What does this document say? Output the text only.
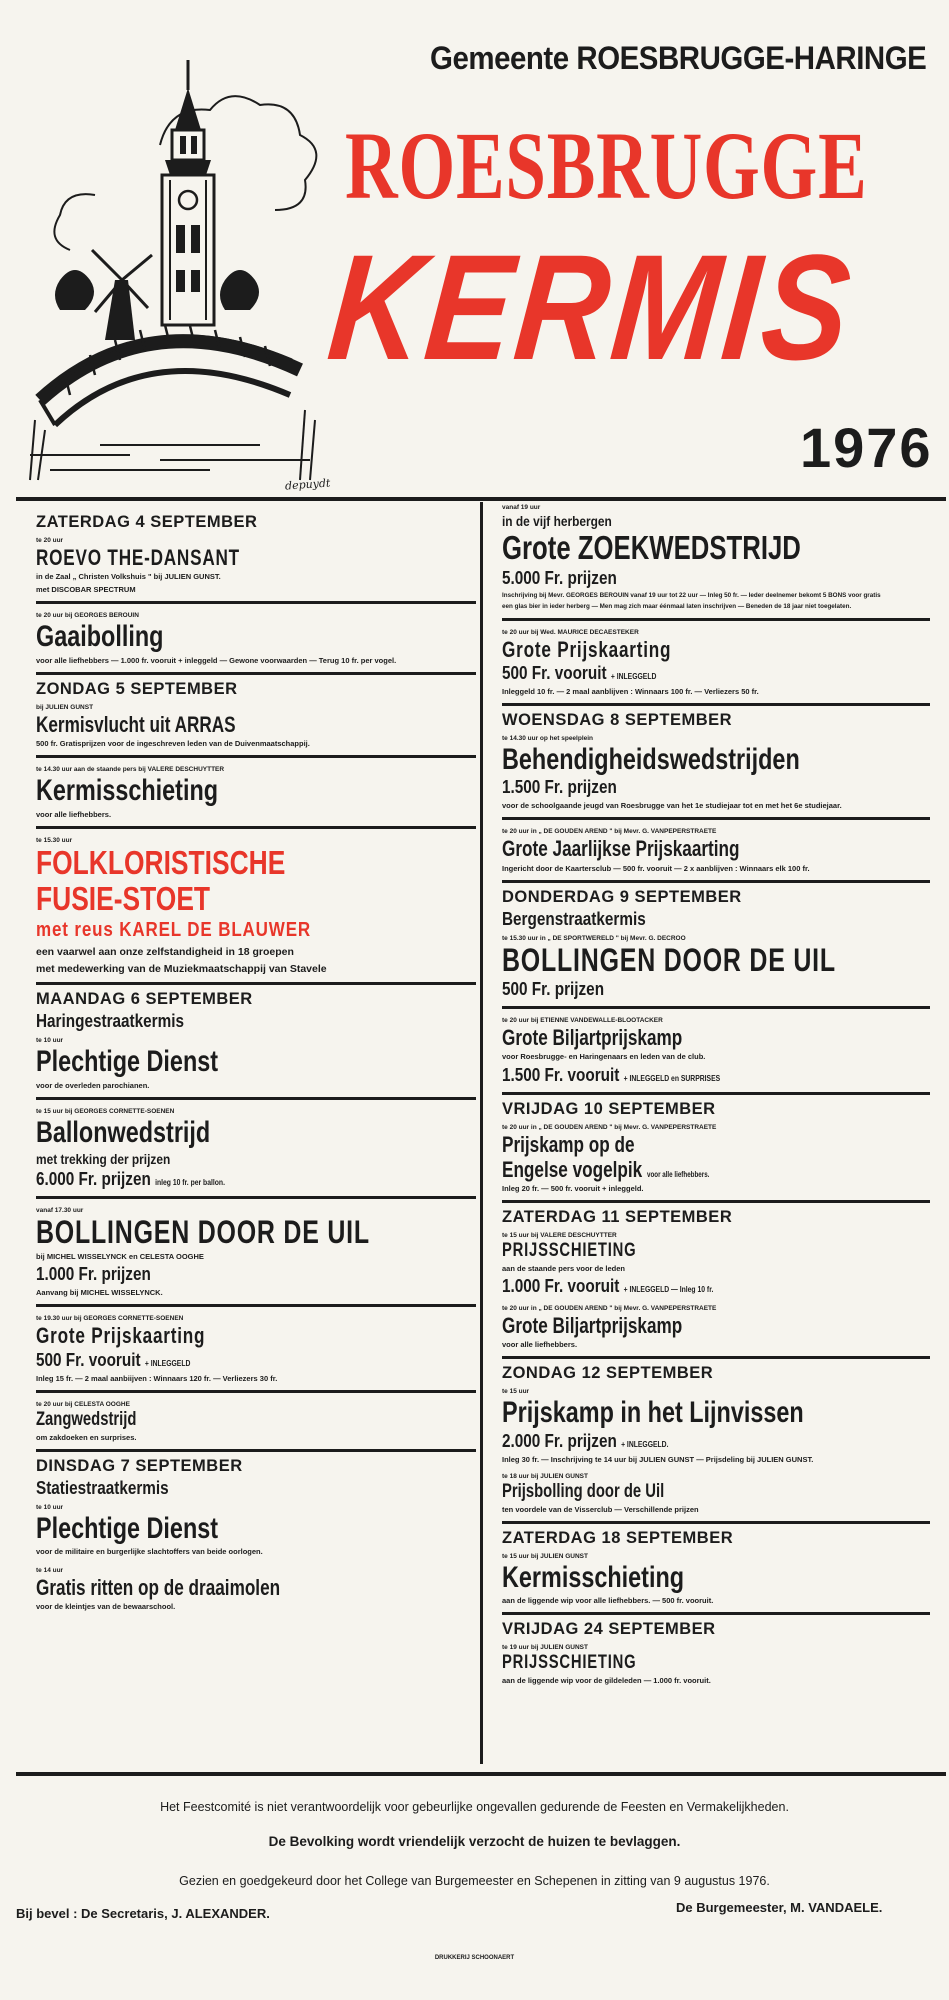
depuydt
Gemeente ROESBRUGGE-HARINGE
ROESBRUGGE
KERMIS
1976
ZATERDAG 4 SEPTEMBER
te 20 uur
ROEVO THE-DANSANT
in de Zaal „ Christen Volkshuis " bij JULIEN GUNST.
met DISCOBAR SPECTRUM
te 20 uur bij GEORGES BEROUIN
Gaaibolling
voor alle liefhebbers — 1.000 fr. vooruit + inleggeld — Gewone voorwaarden — Terug 10 fr. per vogel.
ZONDAG 5 SEPTEMBER
bij JULIEN GUNST
Kermisvlucht uit ARRAS
500 fr. Gratisprijzen voor de ingeschreven leden van de Duivenmaatschappij.
te 14.30 uur aan de staande pers bij VALERE DESCHUYTTER
Kermisschieting
voor alle liefhebbers.
te 15.30 uur
FOLKLORISTISCHE
FUSIE-STOET
met reus KAREL DE BLAUWER
een vaarwel aan onze zelfstandigheid in 18 groepen
met medewerking van de Muziekmaatschappij van Stavele
MAANDAG 6 SEPTEMBER
Haringestraatkermis
te 10 uur
Plechtige Dienst
voor de overleden parochianen.
te 15 uur bij GEORGES CORNETTE-SOENEN
Ballonwedstrijd
met trekking der prijzen
6.000 Fr. prijzen inleg 10 fr. per ballon.
vanaf 17.30 uur
BOLLINGEN DOOR DE UIL
bij MICHEL WISSELYNCK en CELESTA OOGHE
1.000 Fr. prijzen
Aanvang bij MICHEL WISSELYNCK.
te 19.30 uur bij GEORGES CORNETTE-SOENEN
Grote Prijskaarting
500 Fr. vooruit + INLEGGELD
Inleg 15 fr. — 2 maal aanbiijven : Winnaars 120 fr. — Verliezers 30 fr.
te 20 uur bij CELESTA OOGHE
Zangwedstrijd
om zakdoeken en surprises.
DINSDAG 7 SEPTEMBER
Statiestraatkermis
te 10 uur
Plechtige Dienst
voor de militaire en burgerlijke slachtoffers van beide oorlogen.
te 14 uur
Gratis ritten op de draaimolen
voor de kleintjes van de bewaarschool.
vanaf 19 uur
in de vijf herbergen
Grote ZOEKWEDSTRIJD
5.000 Fr. prijzen
Inschrijving bij Mevr. GEORGES BEROUIN vanaf 19 uur tot 22 uur — Inleg 50 fr. — Ieder deelnemer bekomt 5 BONS voor gratis
een glas bier in ieder herberg — Men mag zich maar éénmaal laten inschrijven — Beneden de 18 jaar niet toegelaten.
te 20 uur bij Wed. MAURICE DECAESTEKER
Grote Prijskaarting
500 Fr. vooruit + INLEGGELD
Inleggeld 10 fr. — 2 maal aanblijven : Winnaars 100 fr. — Verliezers 50 fr.
WOENSDAG 8 SEPTEMBER
te 14.30 uur op het speelplein
Behendigheidswedstrijden
1.500 Fr. prijzen
voor de schoolgaande jeugd van Roesbrugge van het 1e studiejaar tot en met het 6e studiejaar.
te 20 uur in „ DE GOUDEN AREND " bij Mevr. G. VANPEPERSTRAETE
Grote Jaarlijkse Prijskaarting
Ingericht door de Kaartersclub — 500 fr. vooruit — 2 x aanblijven : Winnaars elk 100 fr.
DONDERDAG 9 SEPTEMBER
Bergenstraatkermis
te 15.30 uur in „ DE SPORTWERELD " bij Mevr. G. DECROO
BOLLINGEN DOOR DE UIL
500 Fr. prijzen
te 20 uur bij ETIENNE VANDEWALLE-BLOOTACKER
Grote Biljartprijskamp
voor Roesbrugge- en Haringenaars en leden van de club.
1.500 Fr. vooruit + INLEGGELD en SURPRISES
VRIJDAG 10 SEPTEMBER
te 20 uur in „ DE GOUDEN AREND " bij Mevr. G. VANPEPERSTRAETE
Prijskamp op de
Engelse vogelpik voor alle liefhebbers.
Inleg 20 fr. — 500 fr. vooruit + inleggeld.
ZATERDAG 11 SEPTEMBER
te 15 uur bij VALERE DESCHUYTTER
PRIJSSCHIETING
aan de staande pers voor de leden
1.000 Fr. vooruit + INLEGGELD — Inleg 10 fr.
te 20 uur in „ DE GOUDEN AREND " bij Mevr. G. VANPEPERSTRAETE
Grote Biljartprijskamp
voor alle liefhebbers.
ZONDAG 12 SEPTEMBER
te 15 uur
Prijskamp in het Lijnvissen
2.000 Fr. prijzen + INLEGGELD.
Inleg 30 fr. — Inschrijving te 14 uur bij JULIEN GUNST — Prijsdeling bij JULIEN GUNST.
te 18 uur bij JULIEN GUNST
Prijsbolling door de Uil
ten voordele van de Visserclub — Verschillende prijzen
ZATERDAG 18 SEPTEMBER
te 15 uur bij JULIEN GUNST
Kermisschieting
aan de liggende wip voor alle liefhebbers. — 500 fr. vooruit.
VRIJDAG 24 SEPTEMBER
te 19 uur bij JULIEN GUNST
PRIJSSCHIETING
aan de liggende wip voor de gildeleden — 1.000 fr. vooruit.
Het Feestcomité is niet verantwoordelijk voor gebeurlijke ongevallen gedurende de Feesten en Vermakelijkheden.
De Bevolking wordt vriendelijk verzocht de huizen te bevlaggen.
Gezien en goedgekeurd door het College van Burgemeester en Schepenen in zitting van 9 augustus 1976.
Bij bevel : De Secretaris, J. ALEXANDER.	De Burgemeester, M. VANDAELE.
DRUKKERIJ SCHOONAERT
